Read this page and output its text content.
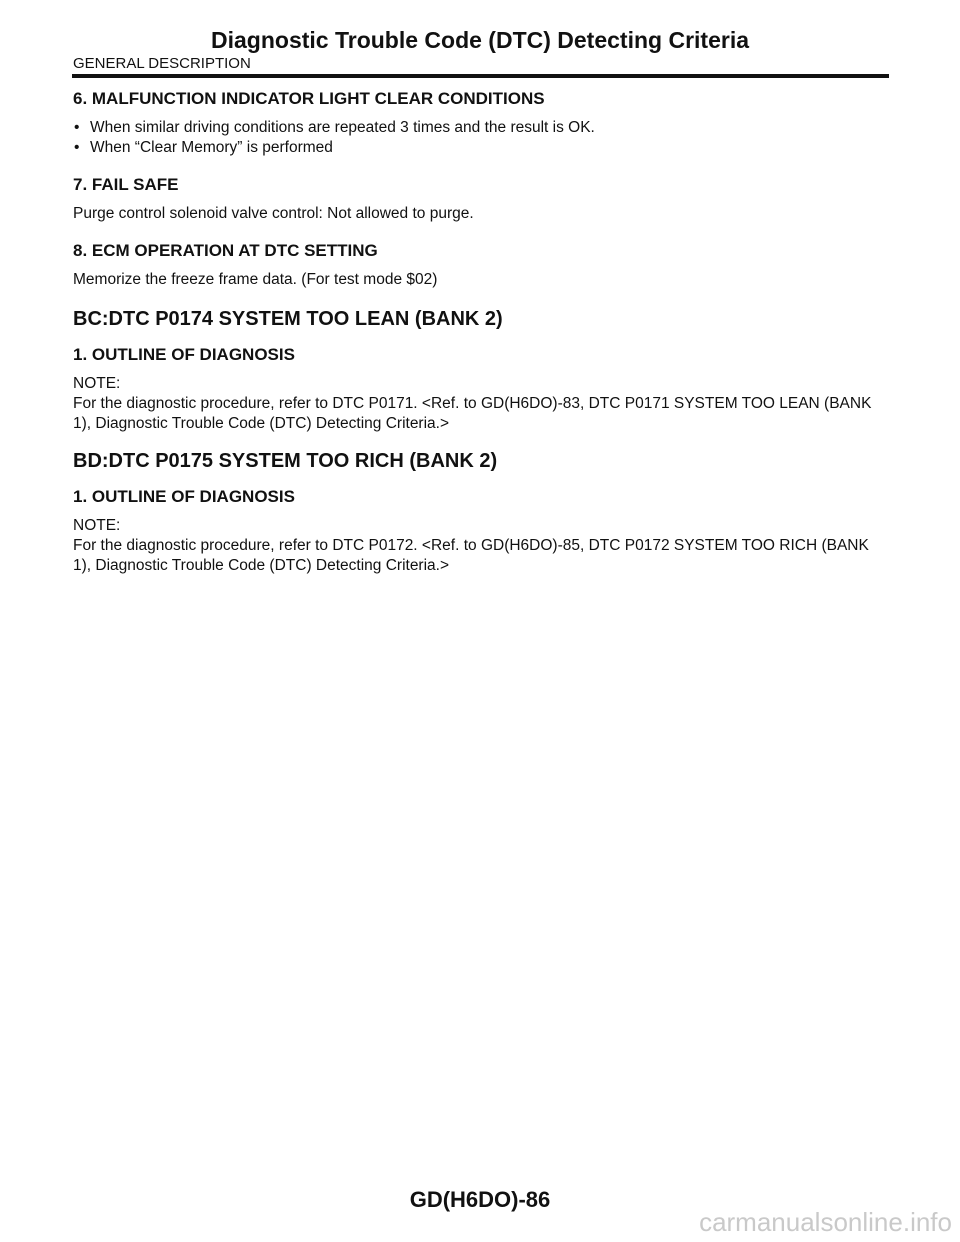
Diagnostic Trouble Code (DTC) Detecting Criteria

GENERAL DESCRIPTION

6. MALFUNCTION INDICATOR LIGHT CLEAR CONDITIONS
• When similar driving conditions are repeated 3 times and the result is OK.
• When “Clear Memory” is performed
7. FAIL SAFE

Purge control solenoid valve control: Not allowed to purge.

8. ECM OPERATION AT DTC SETTING

Memorize the freeze frame data. (For test mode $02)

BC:DTC P0174 SYSTEM TOO LEAN (BANK 2)
1. OUTLINE OF DIAGNOSIS

NOTE:

For the diagnostic procedure, refer to DTC P0171. <Ref. to GD(H6DO)-83, DTC P0171 SYSTEM TOO LEAN (BANK 1), Diagnostic Trouble Code (DTC) Detecting Criteria.>

BD:DTC P0175 SYSTEM TOO RICH (BANK 2)
1. OUTLINE OF DIAGNOSIS

NOTE:

For the diagnostic procedure, refer to DTC P0172. <Ref. to GD(H6DO)-85, DTC P0172 SYSTEM TOO RICH (BANK 1), Diagnostic Trouble Code (DTC) Detecting Criteria.>

GD(H6DO)-86

carmanualsonline.info
